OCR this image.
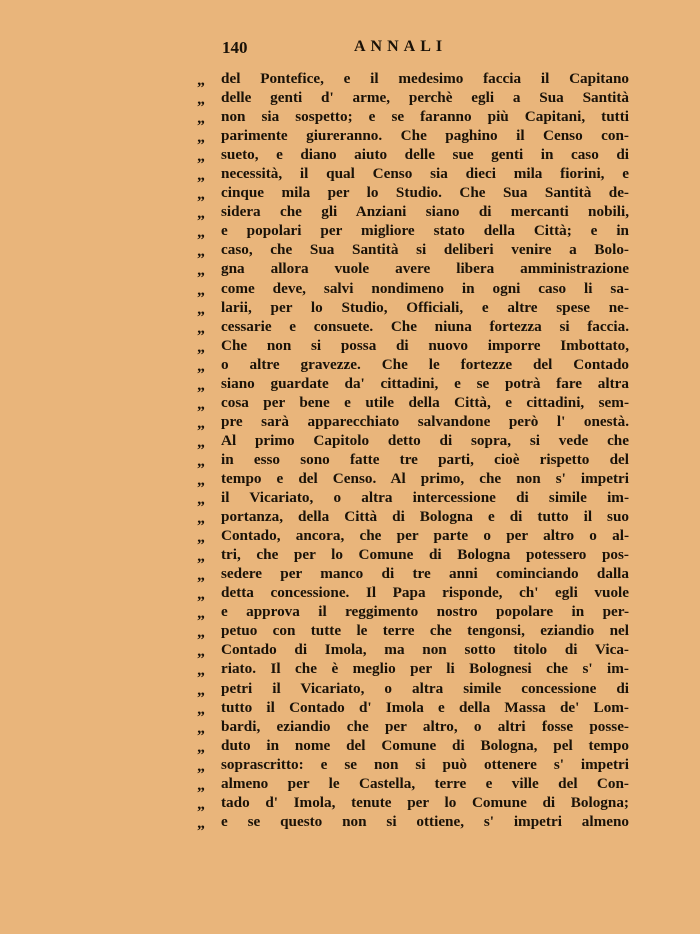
140	ANNALI
„	del Pontefice, e il medesimo faccia il Capitano
„	delle genti d' arme, perchè egli a Sua Santità
„	non sia sospetto; e se faranno più Capitani, tutti
„	parimente giureranno. Che paghino il Censo con-
„	sueto, e diano aiuto delle sue genti in caso di
„	necessità, il qual Censo sia dieci mila fiorini, e
„	cinque mila per lo Studio. Che Sua Santità de-
„	sidera che gli Anziani siano di mercanti nobili,
„	e popolari per migliore stato della Città; e in
„	caso, che Sua Santità si deliberi venire a Bolo-
„	gna allora vuole avere libera amministrazione
„	come deve, salvi nondimeno in ogni caso li sa-
„	larii, per lo Studio, Officiali, e altre spese ne-
„	cessarie e consuete. Che niuna fortezza si faccia.
„	Che non si possa di nuovo imporre Imbottato,
„	o altre gravezze. Che le fortezze del Contado
„	siano guardate da' cittadini, e se potrà fare altra
„	cosa per bene e utile della Città, e cittadini, sem-
„	pre sarà apparecchiato salvandone però l' onestà.
„	Al primo Capitolo detto di sopra, si vede che
„	in esso sono fatte tre parti, cioè rispetto del
„	tempo e del Censo. Al primo, che non s' impetri
„	il Vicariato, o altra intercessione di simile im-
„	portanza, della Città di Bologna e di tutto il suo
„	Contado, ancora, che per parte o per altro o al-
„	tri, che per lo Comune di Bologna potessero pos-
„	sedere per manco di tre anni cominciando dalla
„	detta concessione. Il Papa risponde, ch' egli vuole
„	e approva il reggimento nostro popolare in per-
„	petuo con tutte le terre che tengonsi, eziandio nel
„	Contado di Imola, ma non sotto titolo di Vica-
„	riato. Il che è meglio per li Bolognesi che s' im-
„	petri il Vicariato, o altra simile concessione di
„	tutto il Contado d' Imola e della Massa de' Lom-
„	bardi, eziandio che per altro, o altri fosse posse-
„	duto in nome del Comune di Bologna, pel tempo
„	soprascritto: e se non si può ottenere s' impetri
„	almeno per le Castella, terre e ville del Con-
„	tado d' Imola, tenute per lo Comune di Bologna;
„	e se questo non si ottiene, s' impetri almeno
